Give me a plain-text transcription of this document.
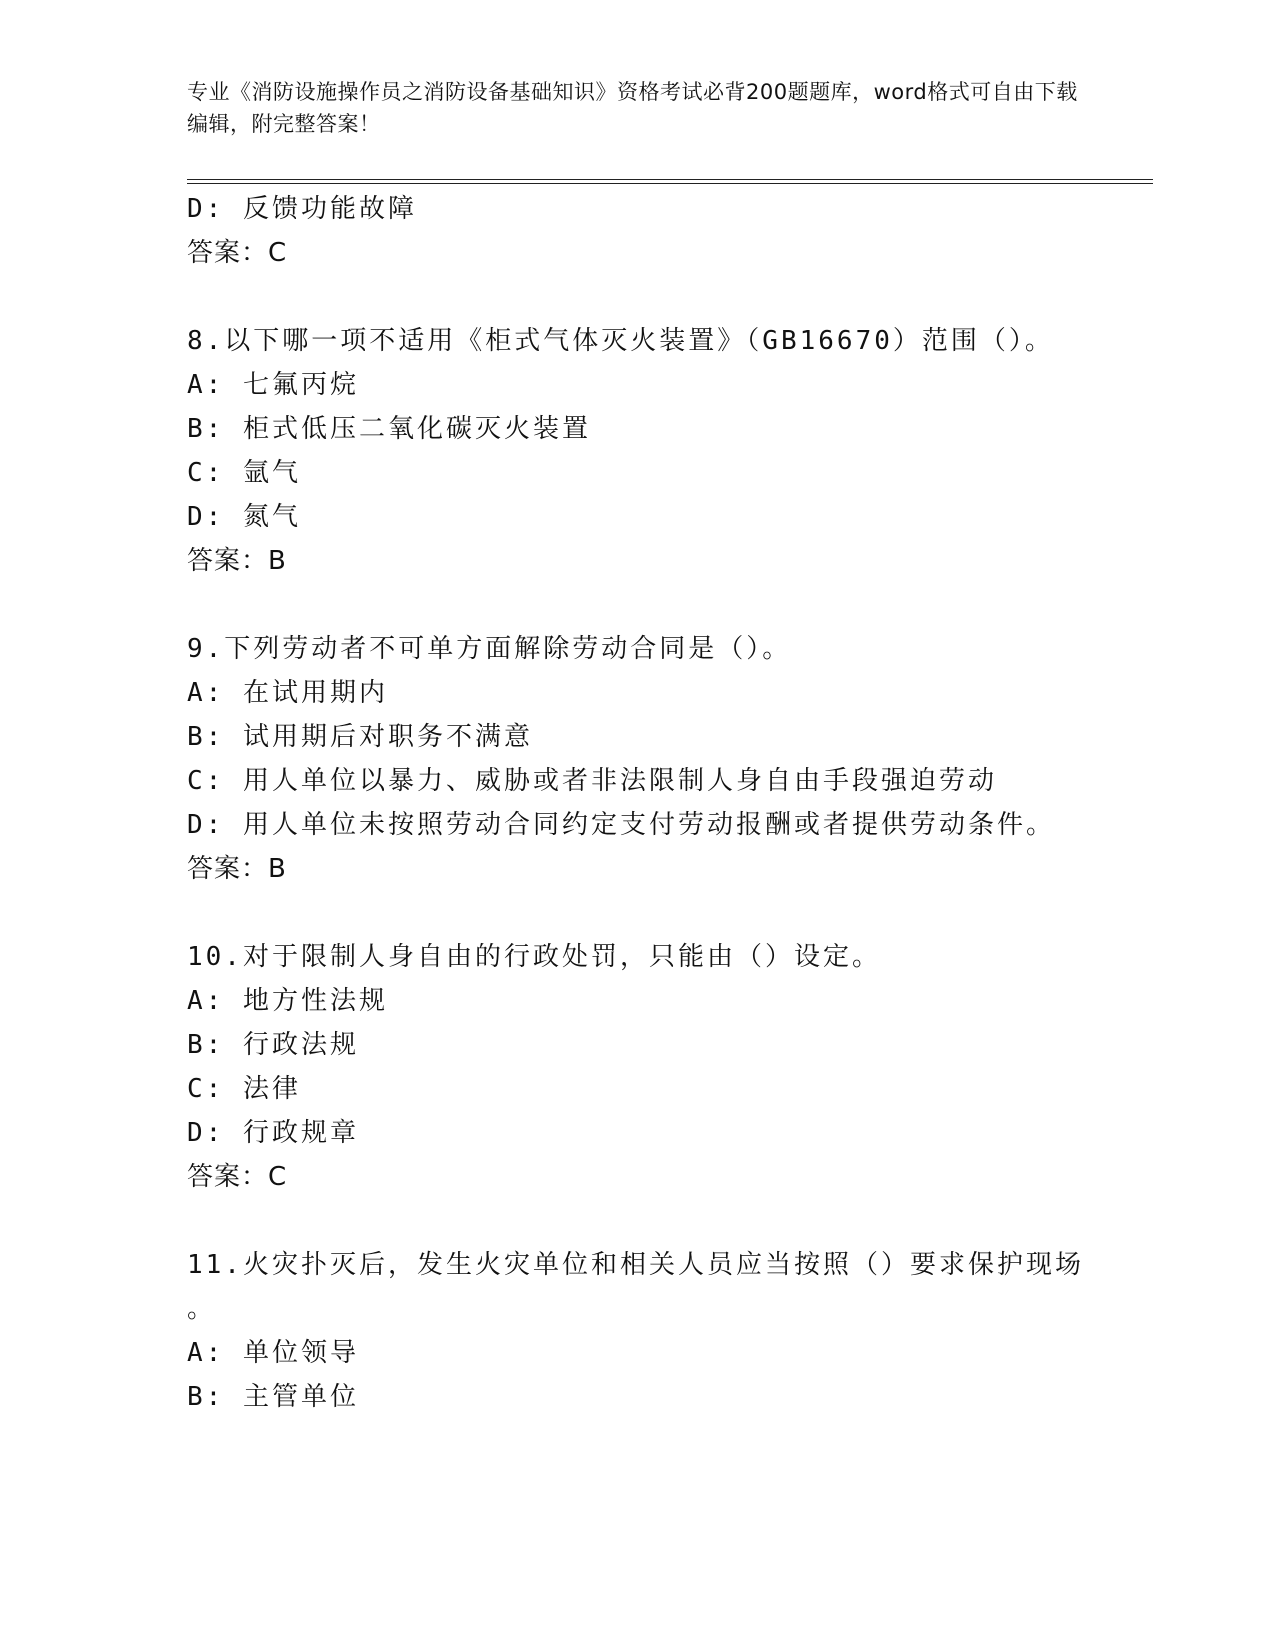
专业《消防设施操作员之消防设备基础知识》资格考试必背200题题库，word格式可自由下载编辑，附完整答案！
D: 反馈功能故障
答案：C
8.以下哪一项不适用《柜式气体灭火装置》（GB16670）范围（）。
A: 七氟丙烷
B: 柜式低压二氧化碳灭火装置
C: 氩气
D: 氮气
答案：B
9.下列劳动者不可单方面解除劳动合同是（）。
A: 在试用期内
B: 试用期后对职务不满意
C: 用人单位以暴力、威胁或者非法限制人身自由手段强迫劳动
D: 用人单位未按照劳动合同约定支付劳动报酬或者提供劳动条件。
答案：B
10.对于限制人身自由的行政处罚，只能由（）设定。
A: 地方性法规
B: 行政法规
C: 法律
D: 行政规章
答案：C
11.火灾扑灭后，发生火灾单位和相关人员应当按照（）要求保护现场
。
A: 单位领导
B: 主管单位
